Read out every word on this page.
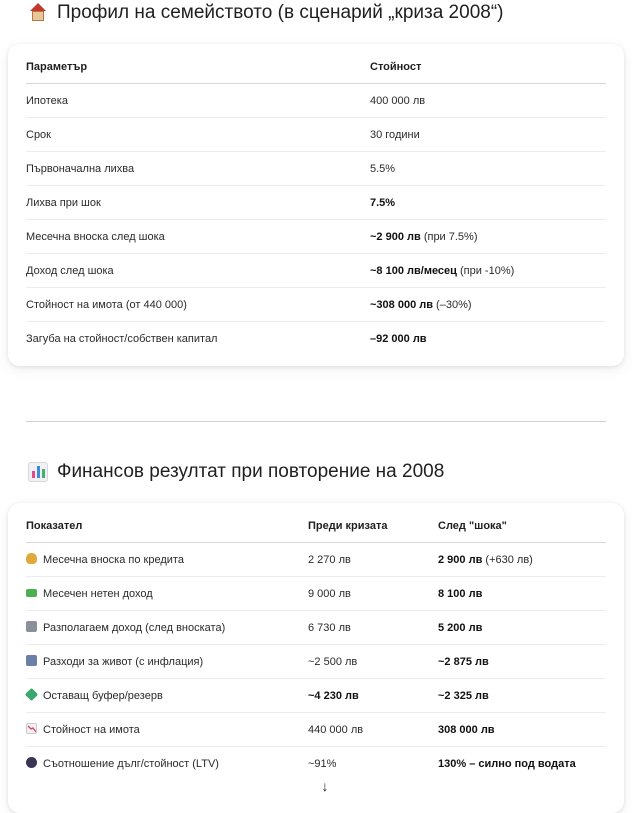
Профил на семейството (в сценарий „криза 2008“)
Параметър	Стойност
Ипотека	400 000 лв
Срок	30 години
Първоначална лихва	5.5%
Лихва при шок	7.5%
Месечна вноска след шока	~2 900 лв (при 7.5%)
Доход след шока	~8 100 лв/месец (при -10%)
Стойност на имота (от 440 000)	~308 000 лв (–30%)
Загуба на стойност/собствен капитал	–92 000 лв
Финансов резултат при повторение на 2008
Показател	Преди кризата	След "шока"
Месечна вноска по кредита	2 270 лв	2 900 лв (+630 лв)
Месечен нетен доход	9 000 лв	8 100 лв
Разполагаем доход (след вноската)	6 730 лв	5 200 лв
Разходи за живот (с инфлация)	~2 500 лв	~2 875 лв
Оставащ буфер/резерв	~4 230 лв	~2 325 лв

Стойност на имота	440 000 лв	308 000 лв
Съотношение дълг/стойност (LTV)	~91%	130% – силно под водата
↓
